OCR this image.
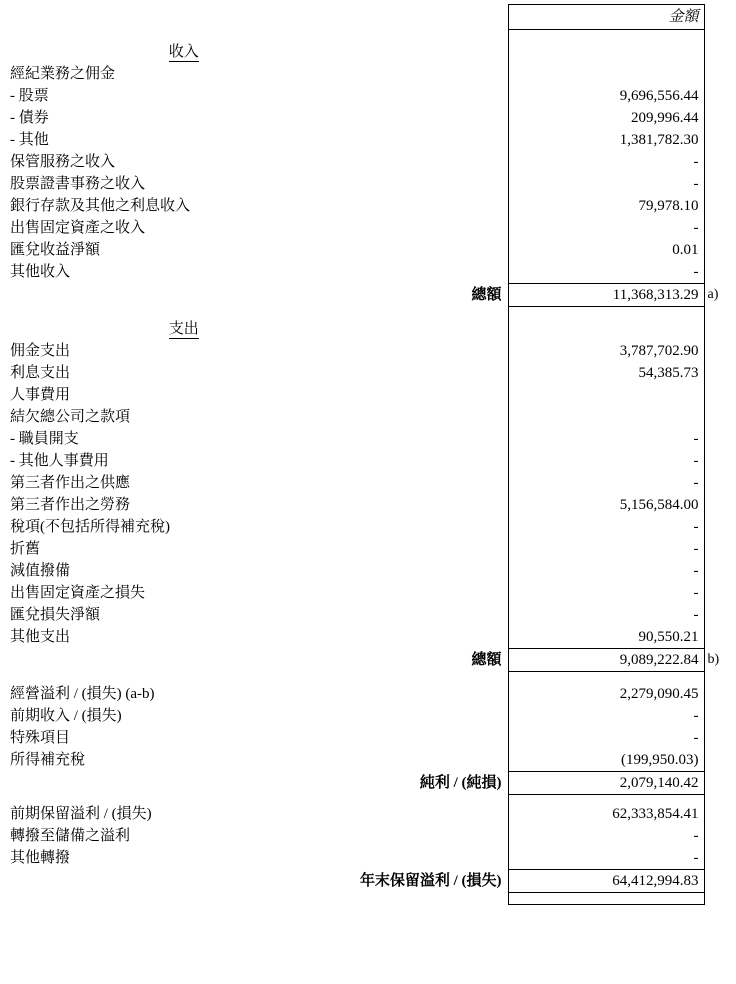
	金額	

收入		
經紀業務之佣金		
- 股票	9,696,556.44	
- 債券	209,996.44	
- 其他	1,381,782.30	
保管服務之收入	-	
股票證書事務之收入	-	
銀行存款及其他之利息收入	79,978.10	
出售固定資產之收入	-	
匯兌收益淨額	0.01	
其他收入	-	
總額	11,368,313.29	a)

支出		
佣金支出	3,787,702.90	
利息支出	54,385.73	
人事費用		
結欠總公司之款項		
- 職員開支	-	
- 其他人事費用	-	
第三者作出之供應	-	
第三者作出之勞務	5,156,584.00	
稅項(不包括所得補充稅)	-	
折舊	-	
減值撥備	-	
出售固定資產之損失	-	
匯兌損失淨額	-	
其他支出	90,550.21	
總額	9,089,222.84	b)

經營溢利 / (損失) (a-b)	2,279,090.45	
前期收入 / (損失)	-	
特殊項目	-	
所得補充稅	(199,950.03)	
純利 / (純損)	2,079,140.42	

前期保留溢利 / (損失)	62,333,854.41	
轉撥至儲備之溢利	-	
其他轉撥	-	
年末保留溢利 / (損失)	64,412,994.83	
